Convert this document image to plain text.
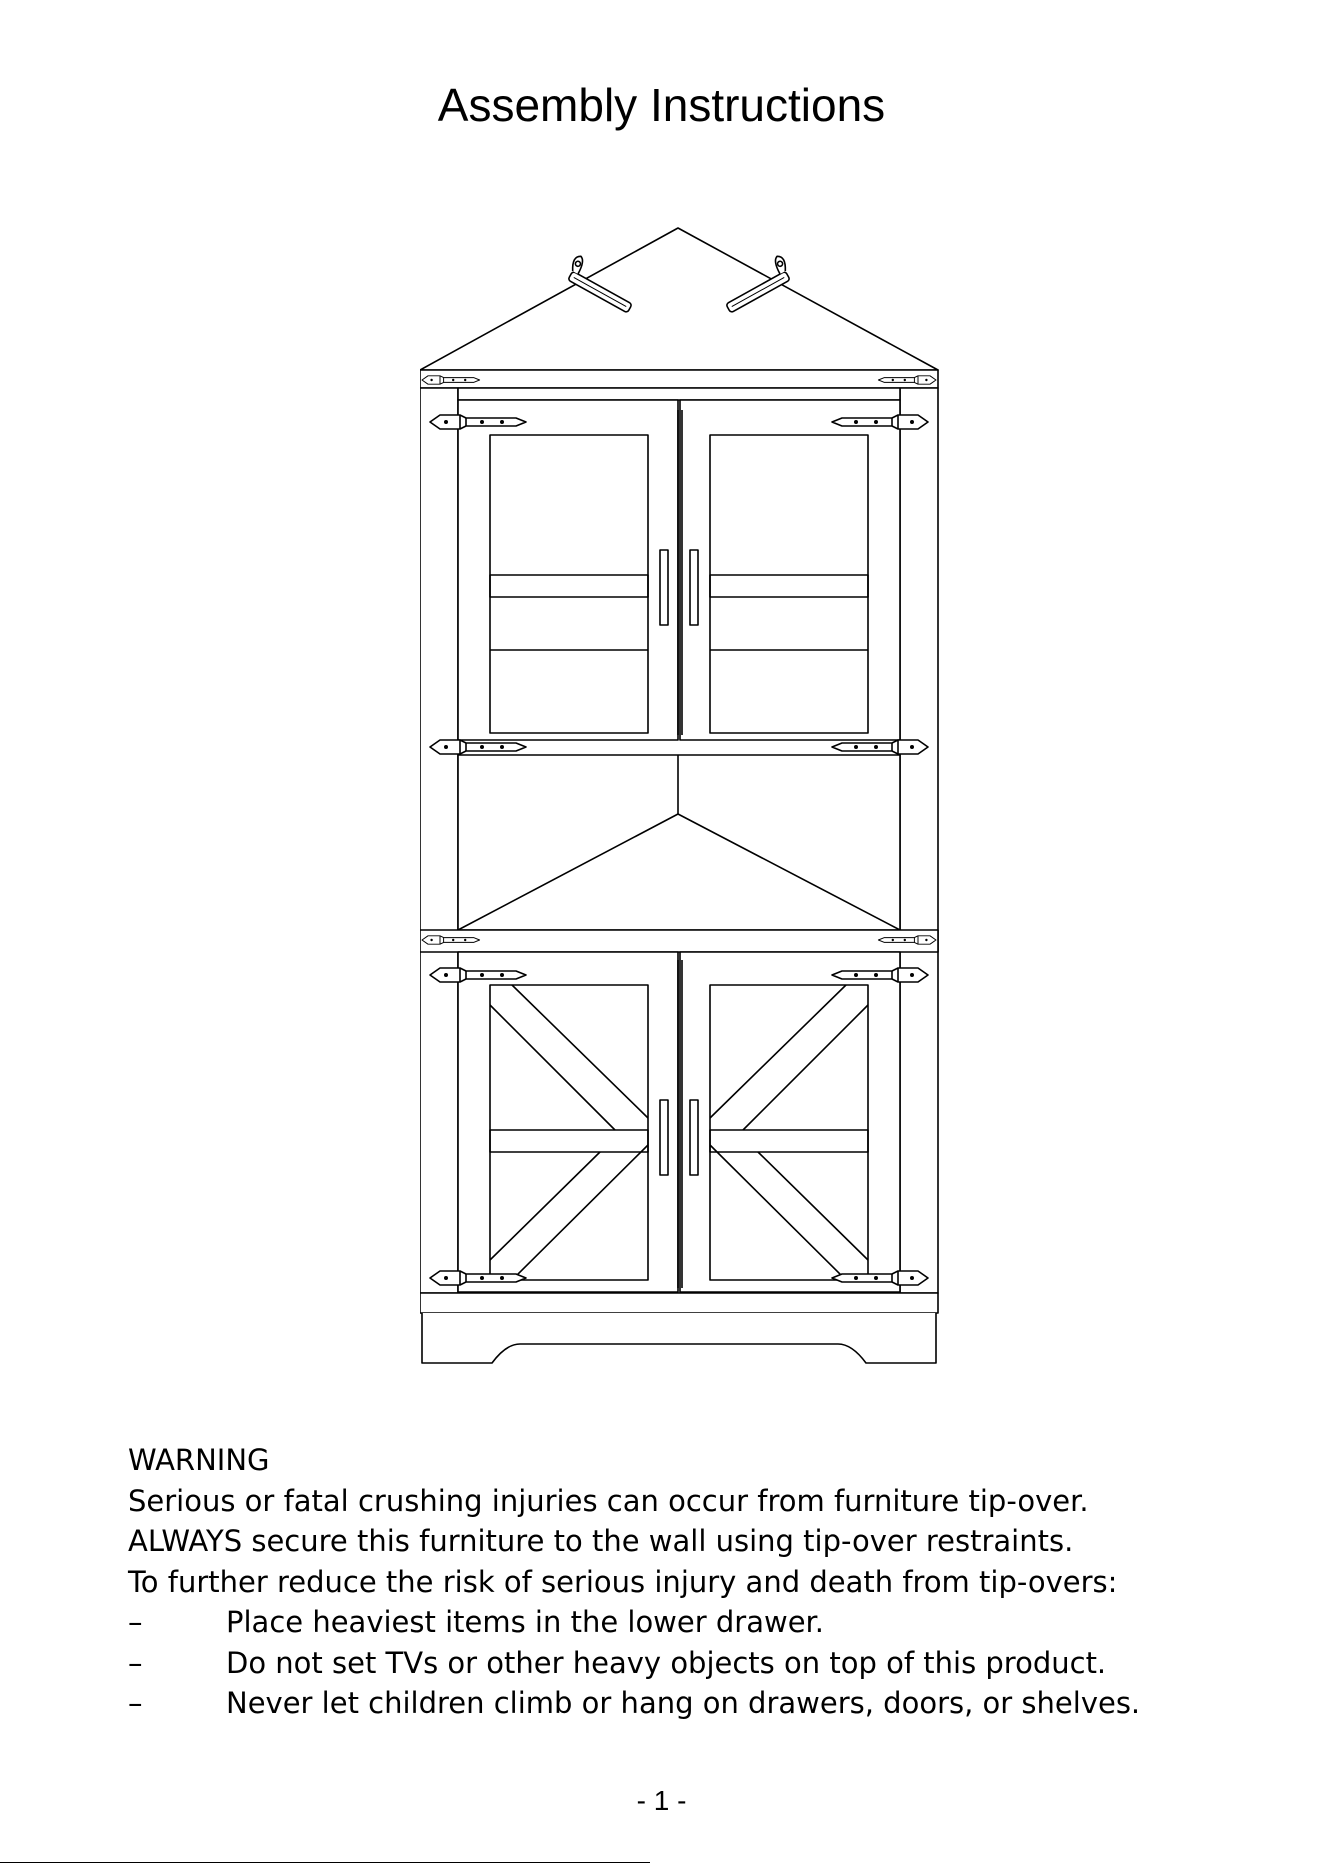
Assembly Instructions

WARNING

Serious or fatal crushing injuries can occur from furniture tip-over.

ALWAYS secure this furniture to the wall using tip-over restraints.

To further reduce the risk of serious injury and death from tip-overs:

–	Place heaviest items in the lower drawer.
–	Do not set TVs or other heavy objects on top of this product.
–	Never let children climb or hang on drawers, doors, or shelves.
- 1 -
